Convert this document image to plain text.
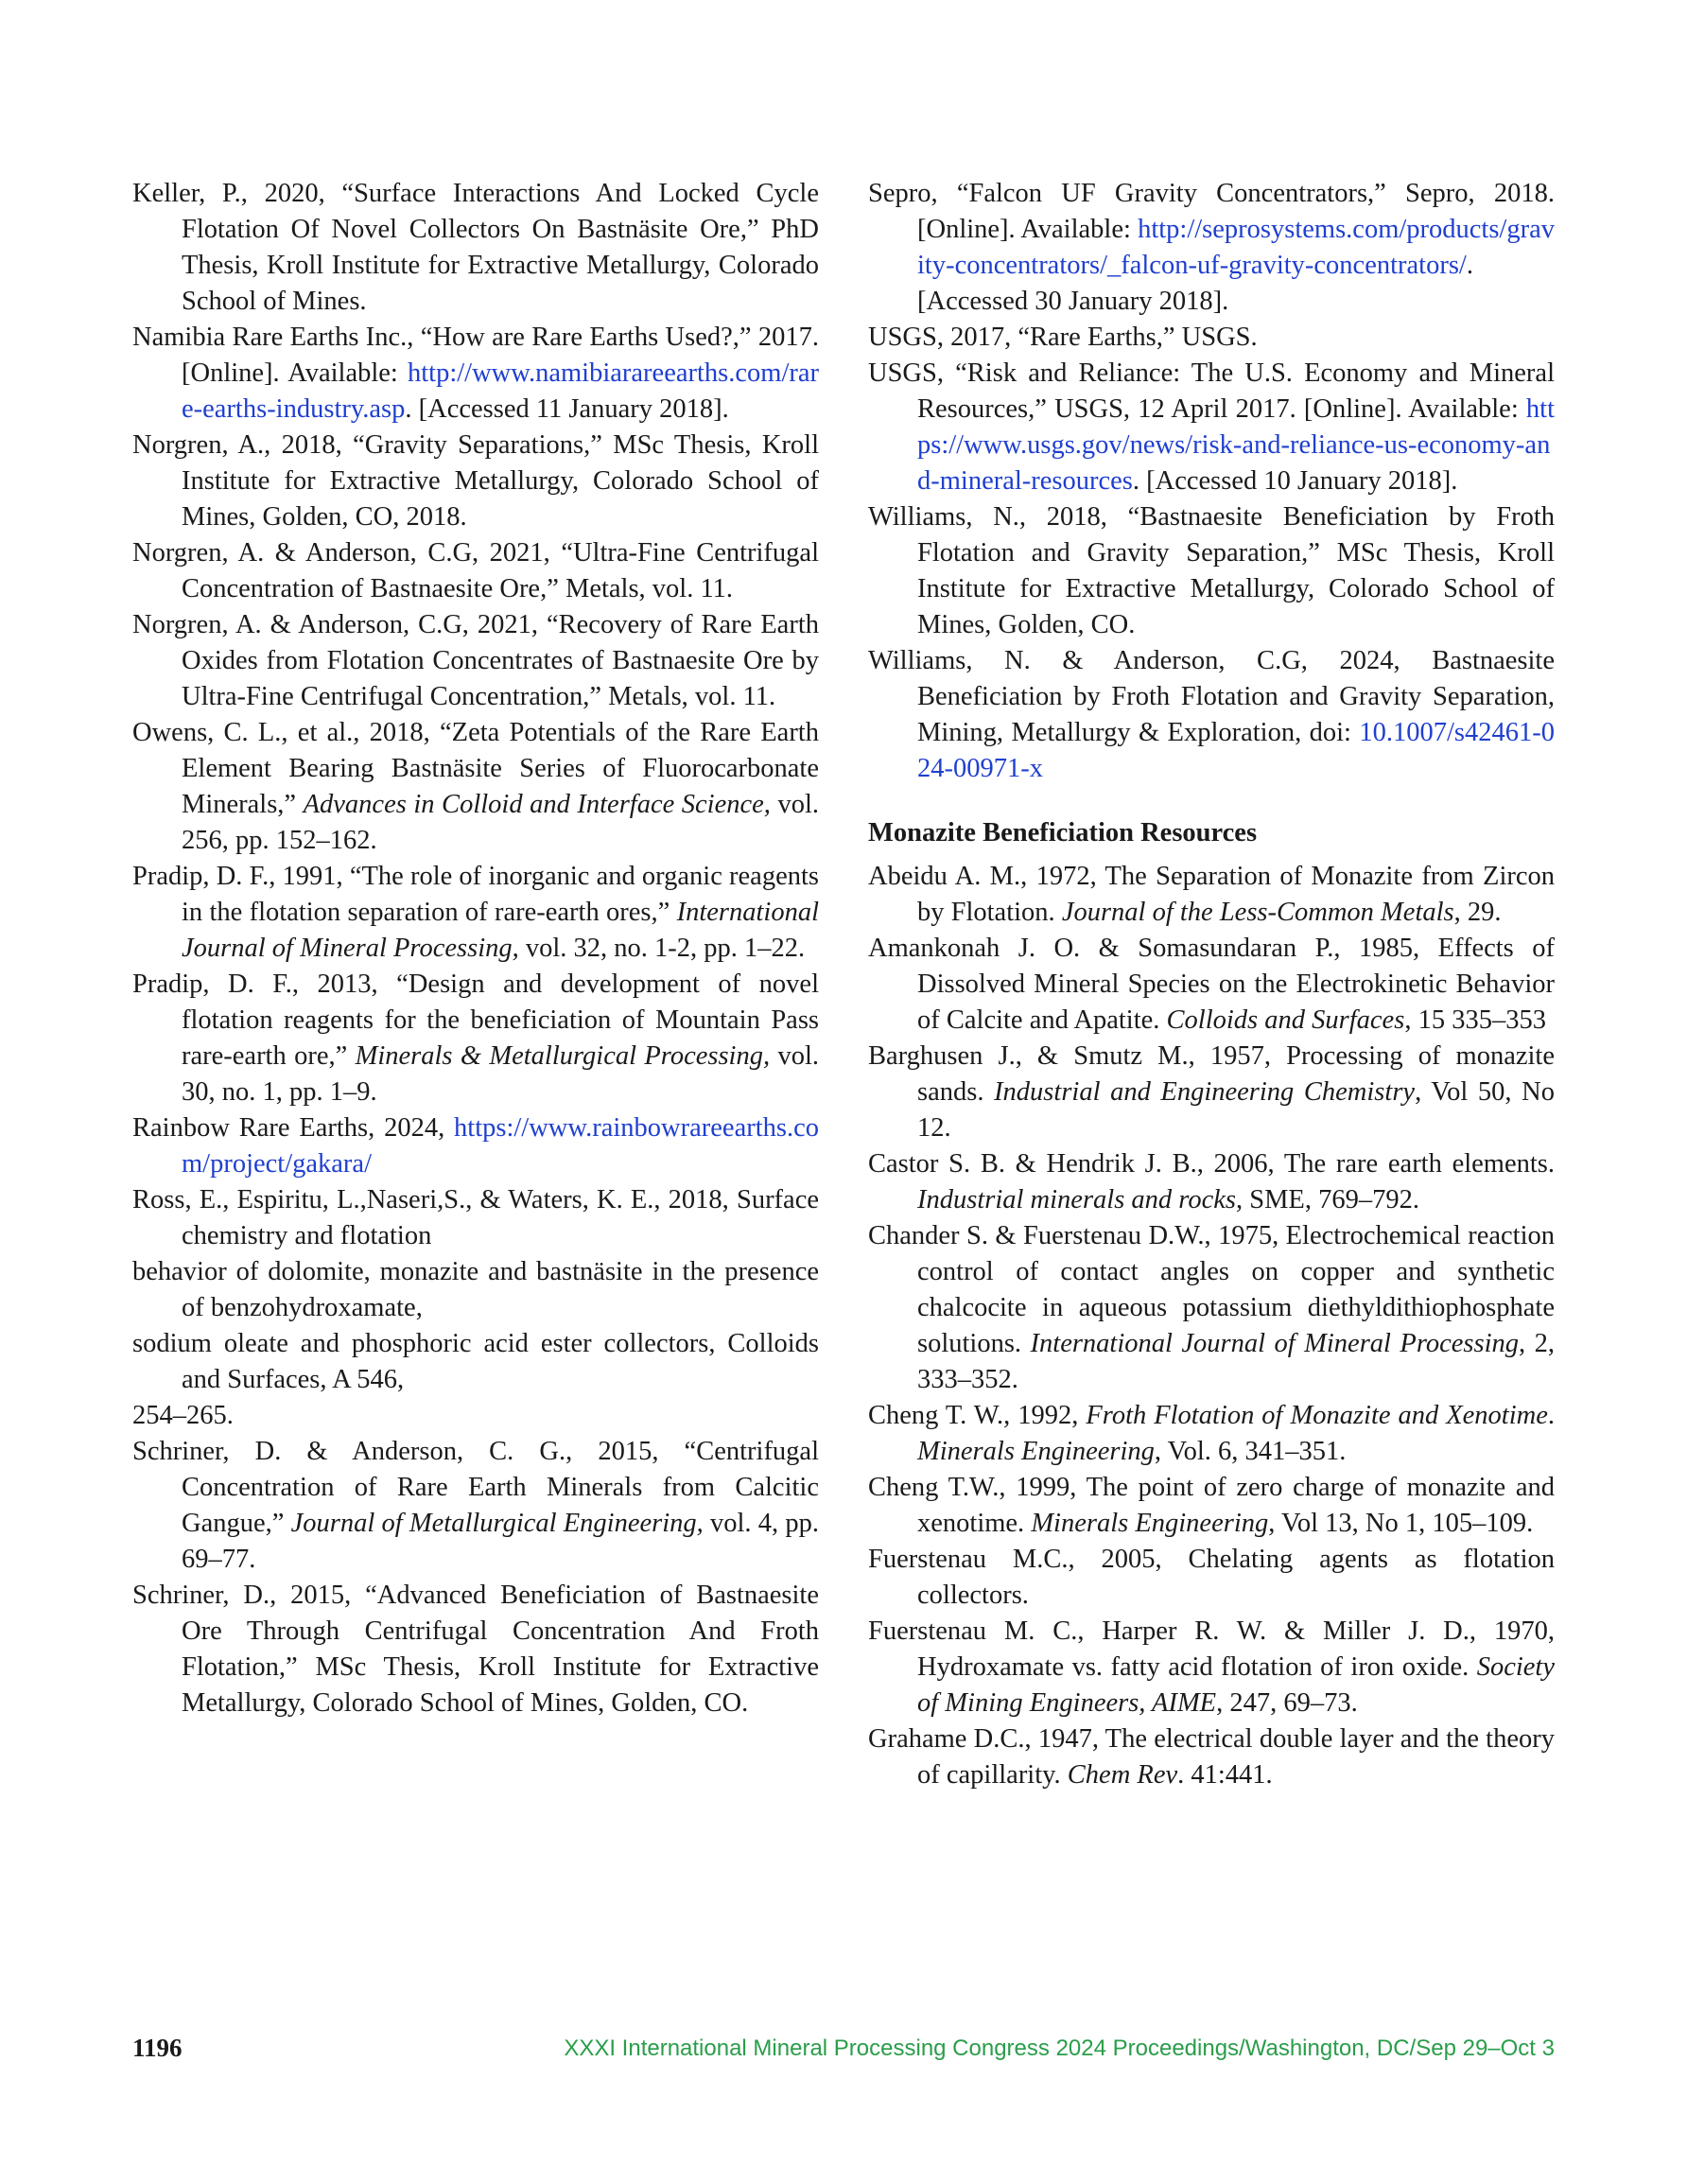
Keller, P., 2020, “Surface Interactions And Locked Cycle Flotation Of Novel Collectors On Bastnäsite Ore,” PhD Thesis, Kroll Institute for Extractive Metallurgy, Colorado School of Mines.

Namibia Rare Earths Inc., “How are Rare Earths Used?,” 2017. [Online]. Available: http://www.namibiarareearths.com/rare-earths-industry.asp. [Accessed 11 January 2018].

Norgren, A., 2018, “Gravity Separations,” MSc Thesis, Kroll Institute for Extractive Metallurgy, Colorado School of Mines, Golden, CO, 2018.

Norgren, A. & Anderson, C.G, 2021, “Ultra-Fine Centrifugal Concentration of Bastnaesite Ore,” Metals, vol. 11.

Norgren, A. & Anderson, C.G, 2021, “Recovery of Rare Earth Oxides from Flotation Concentrates of Bastnaesite Ore by Ultra-Fine Centrifugal Concentration,” Metals, vol. 11.

Owens, C. L., et al., 2018, “Zeta Potentials of the Rare Earth Element Bearing Bastnäsite Series of Fluorocarbonate Minerals,” Advances in Colloid and Interface Science, vol. 256, pp. 152–162.

Pradip, D. F., 1991, “The role of inorganic and organic reagents in the flotation separation of rare-earth ores,” International Journal of Mineral Processing, vol. 32, no. 1-2, pp. 1–22.

Pradip, D. F., 2013, “Design and development of novel flotation reagents for the beneficiation of Mountain Pass rare-earth ore,” Minerals & Metallurgical Processing, vol. 30, no. 1, pp. 1–9.

Rainbow Rare Earths, 2024, https://www.rainbowrareearths.com/project/gakara/

Ross, E., Espiritu, L.,Naseri,S., & Waters, K. E., 2018, Surface chemistry and flotation

behavior of dolomite, monazite and bastnäsite in the presence of benzohydroxamate,

sodium oleate and phosphoric acid ester collectors, Colloids and Surfaces, A 546,

254–265.

Schriner, D. & Anderson, C. G., 2015, “Centrifugal Concentration of Rare Earth Minerals from Calcitic Gangue,” Journal of Metallurgical Engineering, vol. 4, pp. 69–77.

Schriner, D., 2015, “Advanced Beneficiation of Bastnaesite Ore Through Centrifugal Concentration And Froth Flotation,” MSc Thesis, Kroll Institute for Extractive Metallurgy, Colorado School of Mines, Golden, CO.

Sepro, “Falcon UF Gravity Concentrators,” Sepro, 2018. [Online]. Available: http://seprosystems.com/products/gravity-concentrators/_falcon-uf-gravity-concentrators/. [Accessed 30 January 2018].

USGS, 2017, “Rare Earths,” USGS.

USGS, “Risk and Reliance: The U.S. Economy and Mineral Resources,” USGS, 12 April 2017. [Online]. Available: https://www.usgs.gov/news/risk-and-reliance-us-economy-and-mineral-resources. [Accessed 10 January 2018].

Williams, N., 2018, “Bastnaesite Beneficiation by Froth Flotation and Gravity Separation,” MSc Thesis, Kroll Institute for Extractive Metallurgy, Colorado School of Mines, Golden, CO.

Williams, N. & Anderson, C.G, 2024, Bastnaesite Beneficiation by Froth Flotation and Gravity Separation, Mining, Metallurgy & Exploration, doi: 10.1007/s42461-024-00971-x

Monazite Beneficiation Resources

Abeidu A. M., 1972, The Separation of Monazite from Zircon by Flotation. Journal of the Less-Common Metals, 29.

Amankonah J. O. & Somasundaran P., 1985, Effects of Dissolved Mineral Species on the Electrokinetic Behavior of Calcite and Apatite. Colloids and Surfaces, 15 335–353

Barghusen J., & Smutz M., 1957, Processing of monazite sands. Industrial and Engineering Chemistry, Vol 50, No 12.

Castor S. B. & Hendrik J. B., 2006, The rare earth elements. Industrial minerals and rocks, SME, 769–792.

Chander S. & Fuerstenau D.W., 1975, Electrochemical reaction control of contact angles on copper and synthetic chalcocite in aqueous potassium diethyldithiophosphate solutions. International Journal of Mineral Processing, 2, 333–352.

Cheng T. W., 1992, Froth Flotation of Monazite and Xenotime. Minerals Engineering, Vol. 6, 341–351.

Cheng T.W., 1999, The point of zero charge of monazite and xenotime. Minerals Engineering, Vol 13, No 1, 105–109.

Fuerstenau M.C., 2005, Chelating agents as flotation collectors.

Fuerstenau M. C., Harper R. W. & Miller J. D., 1970, Hydroxamate vs. fatty acid flotation of iron oxide. Society of Mining Engineers, AIME, 247, 69–73.

Grahame D.C., 1947, The electrical double layer and the theory of capillarity. Chem Rev. 41:441.

1196	XXXI International Mineral Processing Congress 2024 Proceedings/Washington, DC/Sep 29–Oct 3
